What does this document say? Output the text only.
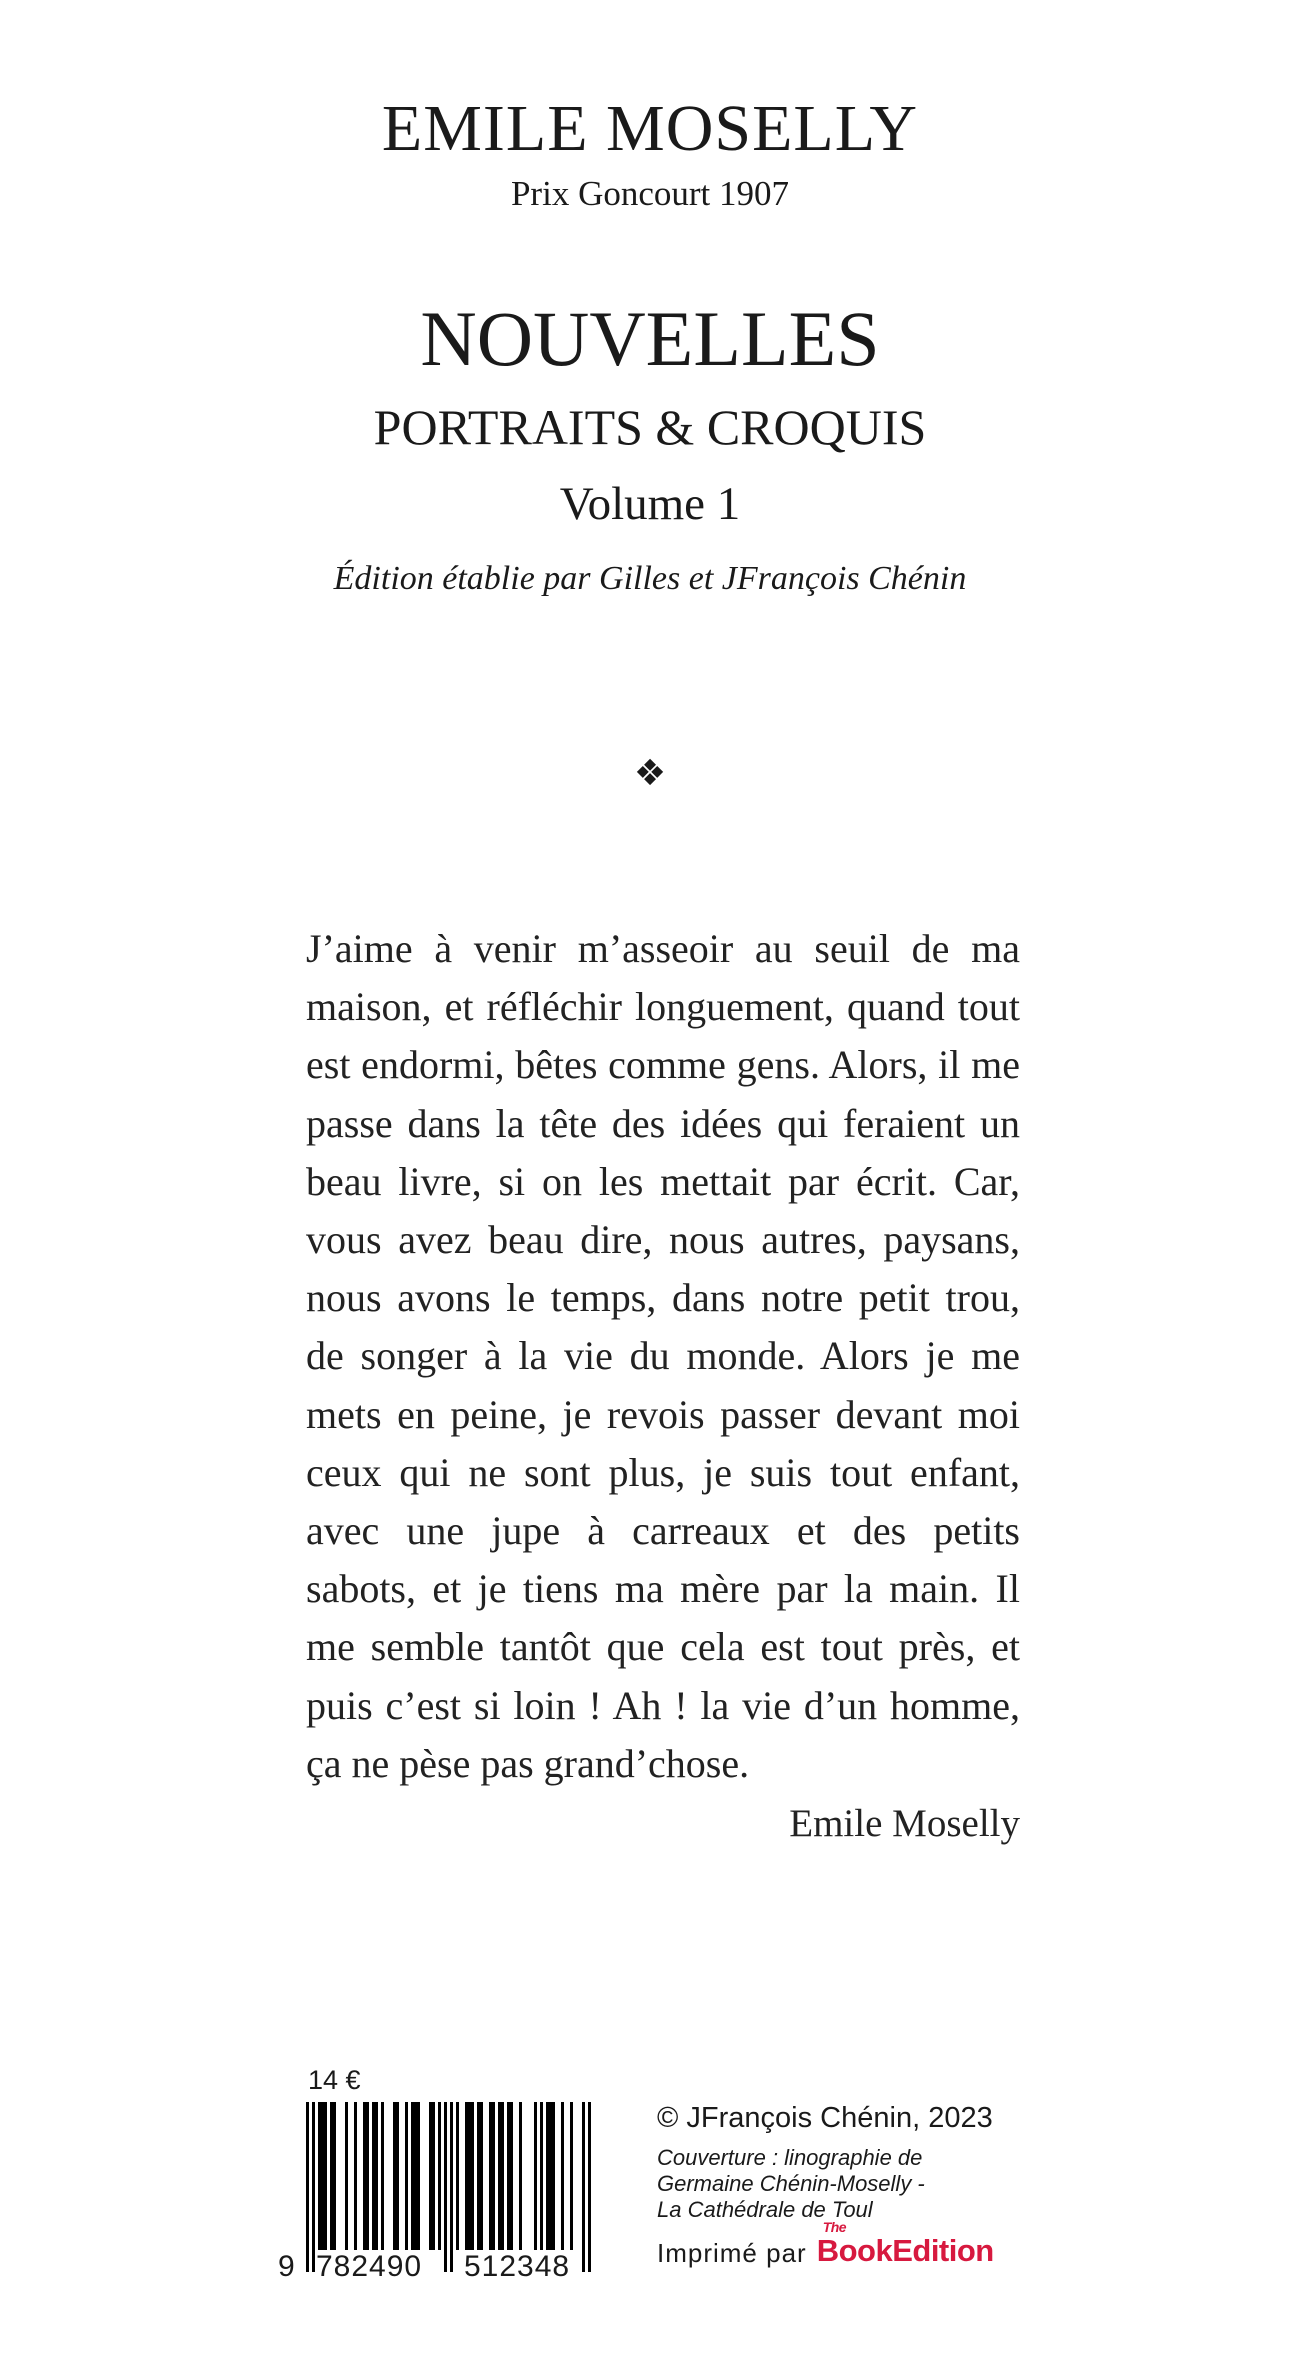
EMILE MOSELLY
Prix Goncourt 1907
NOUVELLES
PORTRAITS & CROQUIS
Volume 1
Édition établie par Gilles et JFrançois Chénin
❖

J’aime à venir m’asseoir au seuil de ma maison, et réfléchir longuement, quand tout est endormi, bêtes comme gens. Alors, il me passe dans la tête des idées qui feraient un beau livre, si on les mettait par écrit. Car, vous avez beau dire, nous autres, paysans, nous avons le temps, dans notre petit trou, de songer à la vie du monde. Alors je me mets en peine, je revois passer devant moi ceux qui ne sont plus, je suis tout enfant, avec une jupe à carreaux et des petits sabots, et je tiens ma mère par la main. Il me semble tantôt que cela est tout près, et puis c’est si loin ! Ah ! la vie d’un homme, ça ne pèse pas grand’chose.

Emile Moselly
14 €
9 782490 512348
© JFrançois Chénin, 2023
Couverture : linographie de
Germaine Chénin-Moselly -
La Cathédrale de Toul
Imprimé par
The
BookEdition
